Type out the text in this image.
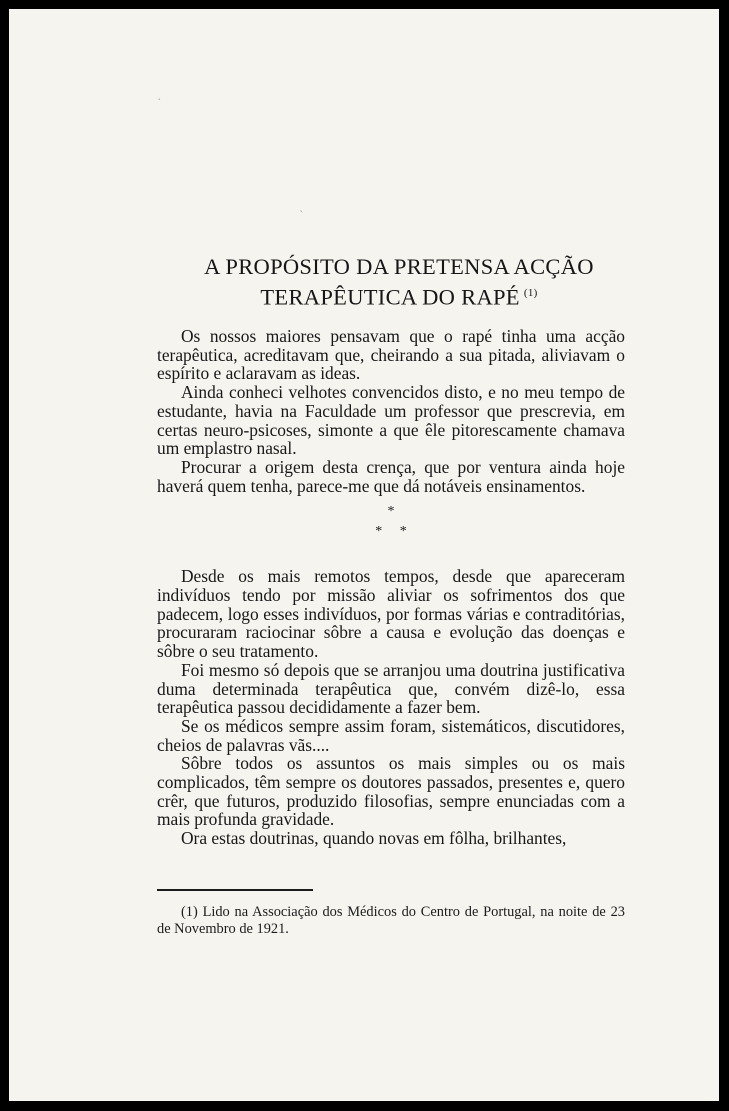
·
`
A PROPÓSITO DA PRETENSA ACÇÃO
TERAPÊUTICA DO RAPÉ $^{(1)}$

Os nossos maiores pensavam que o rapé tinha uma acção terapêutica, acreditavam que, cheirando a sua pitada, aliviavam o espírito e aclaravam as ideas.

Ainda conheci velhotes convencidos disto, e no meu tempo de estudante, havia na Faculdade um professor que prescrevia, em certas neuro-psicoses, simonte a que êle pitorescamente chamava um emplastro nasal.

Procurar a origem desta crença, que por ventura ainda hoje haverá quem tenha, parece-me que dá notáveis ensinamentos.

*
* *

Desde os mais remotos tempos, desde que apareceram indivíduos tendo por missão aliviar os sofrimentos dos que padecem, logo esses indivíduos, por formas várias e contraditórias, procuraram raciocinar sôbre a causa e evolução das doenças e sôbre o seu tratamento.

Foi mesmo só depois que se arranjou uma doutrina justificativa duma determinada terapêutica que, convém dizê-lo, essa terapêutica passou decididamente a fazer bem.

Se os médicos sempre assim foram, sistemáticos, discutidores, cheios de palavras vãs....

Sôbre todos os assuntos os mais simples ou os mais complicados, têm sempre os doutores passados, presentes e, quero crêr, que futuros, produzido filosofias, sempre enunciadas com a mais profunda gravidade.

Ora estas doutrinas, quando novas em fôlha, brilhantes,

(1) Lido na Associação dos Médicos do Centro de Portugal, na noite de 23 de Novembro de 1921.
